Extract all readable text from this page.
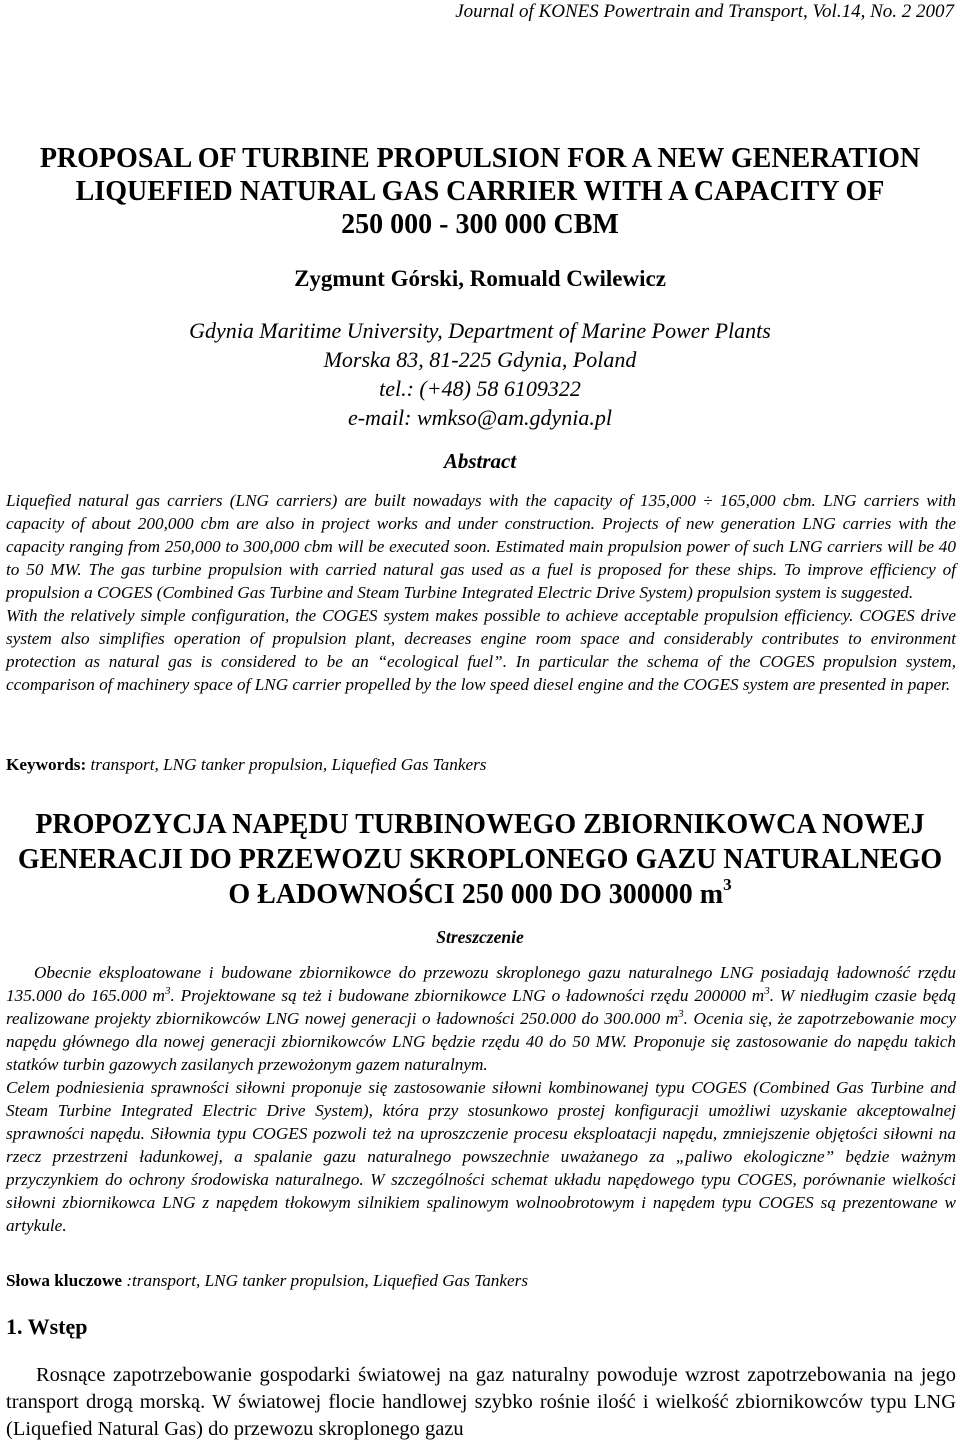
Journal of KONES Powertrain and Transport, Vol.14, No. 2 2007
PROPOSAL OF TURBINE PROPULSION FOR A NEW GENERATION
LIQUEFIED NATURAL GAS CARRIER WITH A CAPACITY OF
250 000 - 300 000 CBM
Zygmunt Górski, Romuald Cwilewicz
Gdynia Maritime University, Department of Marine Power Plants
Morska 83, 81-225 Gdynia, Poland
tel.: (+48) 58 6109322
e-mail: wmkso@am.gdynia.pl
Abstract

Liquefied natural gas carriers (LNG carriers) are built nowadays with the capacity of 135,000 ÷ 165,000 cbm. LNG carriers with capacity of about 200,000 cbm are also in project works and under construction. Projects of new generation LNG carries with the capacity ranging from 250,000 to 300,000 cbm will be executed soon. Estimated main propulsion power of such LNG carriers will be 40 to 50 MW. The gas turbine propulsion with carried natural gas used as a fuel is proposed for these ships. To improve efficiency of propulsion a COGES (Combined Gas Turbine and Steam Turbine Integrated Electric Drive System) propulsion system is suggested.

With the relatively simple configuration, the COGES system makes possible to achieve acceptable propulsion efficiency. COGES drive system also simplifies operation of propulsion plant, decreases engine room space and considerably contributes to environment protection as natural gas is considered to be an “ecological fuel”. In particular the schema of the COGES propulsion system, ccomparison of machinery space of LNG carrier propelled by the low speed diesel engine and the COGES system are presented in paper.

Keywords: transport, LNG tanker propulsion, Liquefied Gas Tankers
PROPOZYCJA NAPĘDU TURBINOWEGO ZBIORNIKOWCA NOWEJ
GENERACJI DO PRZEWOZU SKROPLONEGO GAZU NATURALNEGO
O ŁADOWNOŚCI 250 000 DO 300000 $m^3$
Streszczenie

Obecnie eksploatowane i budowane zbiornikowce do przewozu skroplonego gazu naturalnego LNG posiadają ładowność rzędu 135.000 do 165.000 $m^3$. Projektowane są też i budowane zbiornikowce LNG o ładowności rzędu 200000 $m^3$. W niedługim czasie będą realizowane projekty zbiornikowców LNG nowej generacji o ładowności 250.000 do 300.000 $m^3$. Ocenia się, że zapotrzebowanie mocy napędu głównego dla nowej generacji zbiornikowców LNG będzie rzędu 40 do 50 MW. Proponuje się zastosowanie do napędu takich statków turbin gazowych zasilanych przewożonym gazem naturalnym.

Celem podniesienia sprawności siłowni proponuje się zastosowanie siłowni kombinowanej typu COGES (Combined Gas Turbine and Steam Turbine Integrated Electric Drive System), która przy stosunkowo prostej konfiguracji umożliwi uzyskanie akceptowalnej sprawności napędu. Siłownia typu COGES pozwoli też na uproszczenie procesu eksploatacji napędu, zmniejszenie objętości siłowni na rzecz przestrzeni ładunkowej, a spalanie gazu naturalnego powszechnie uważanego za „paliwo ekologiczne” będzie ważnym przyczynkiem do ochrony środowiska naturalnego. W szczególności schemat układu napędowego typu COGES, porównanie wielkości siłowni zbiornikowca LNG z napędem tłokowym silnikiem spalinowym wolnoobrotowym i napędem typu COGES są prezentowane w artykule.

Słowa kluczowe :transport, LNG tanker propulsion, Liquefied Gas Tankers
1. Wstęp

Rosnące zapotrzebowanie gospodarki światowej na gaz naturalny powoduje wzrost zapotrzebowania na jego transport drogą morską. W światowej flocie handlowej szybko rośnie ilość i wielkość zbiornikowców typu LNG (Liquefied Natural Gas) do przewozu skroplonego gazu
